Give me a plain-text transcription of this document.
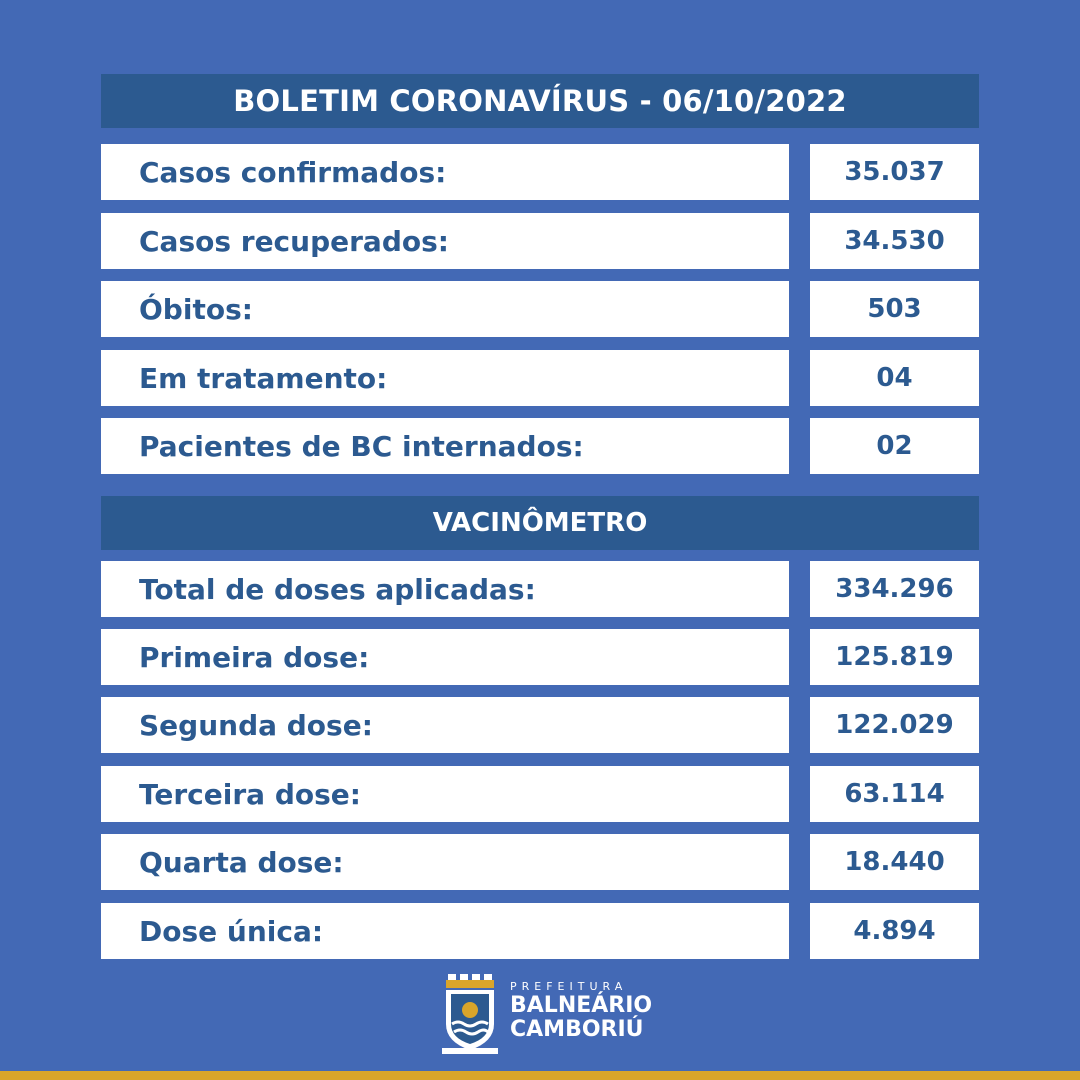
BOLETIM CORONAVÍRUS - 06/10/2022
Casos confirmados:	35.037
Casos recuperados:	34.530
Óbitos:	503
Em tratamento:	04
Pacientes de BC internados:	02
VACINÔMETRO
Total de doses aplicadas:	334.296
Primeira dose:	125.819
Segunda dose:	122.029
Terceira dose:	63.114
Quarta dose:	18.440
Dose única:	4.894
PREFEITURA
BALNEÁRIO
CAMBORIÚ
